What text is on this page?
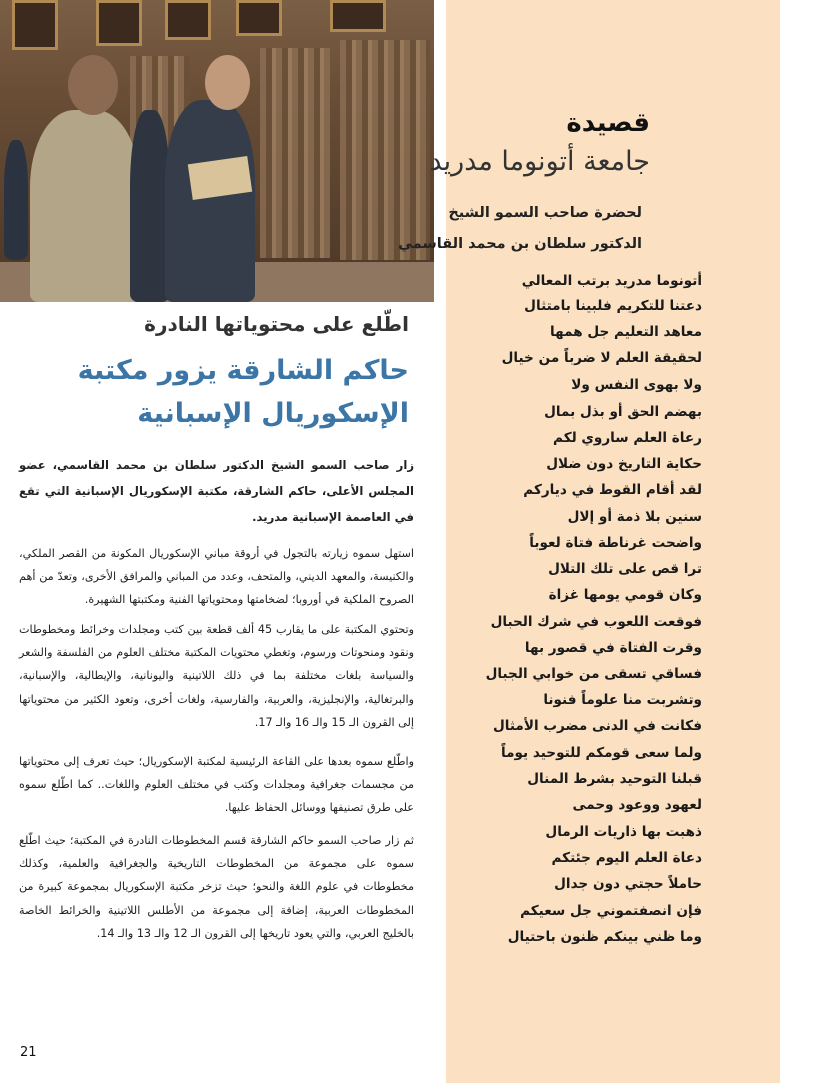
قصيدة
جامعة أتونوما مدريد
لحضرة صاحب السمو الشيخ
الدكتور سلطان بن محمد القاسمي
أتونوما مدريد برتب المعالي
دعتنا للتكريم فلبينا بامتثال
معاهد التعليم جل همها
لحقيقة العلم لا ضرباً من خيال
ولا بهوى النفس ولا
بهضم الحق أو بذل بمال
رعاة العلم ساروي لكم
حكاية التاريخ دون ضلال
لقد أقام القوط في دياركم
سنين بلا ذمة أو إلال
واضحت غرناطة فتاة لعوباً
ترا قص على تلك التلال
وكان قومي يومها غزاة
فوقعت اللعوب في شرك الحبال
وقرت الفتاة في قصور بها
فساقي تسقى من خوابي الجبال
وتشربت منا علوماً فنونا
فكانت في الدنى مضرب الأمثال
ولما سعى قومكم للتوحيد يوماً
قبلنا التوحيد بشرط المنال
لعهود ووعود وحمى
ذهبت بها ذاريات الرمال
دعاة العلم اليوم جئتكم
حاملاً حجتي دون جدال
فإن انصفتموني جل سعيكم
وما ظني بينكم ظنون باحتيال
اطّلع على محتوياتها النادرة
حاكم الشارقة يزور مكتبة
الإسكوريال الإسبانية
زار صاحب السمو الشيخ الدكتور سلطان بن محمد القاسمي، عضو المجلس الأعلى، حاكم الشارقة، مكتبة الإسكوريال الإسبانية التي تقع في العاصمة الإسبانية مدريد.
استهل سموه زيارته بالتجول في أروقة مباني الإسكوريال المكونة من القصر الملكي، والكنيسة، والمعهد الديني، والمتحف، وعدد من المباني والمرافق الأخرى، وتعدّ من أهم الصروح الملكية في أوروبا؛ لضخامتها ومحتوياتها الفنية ومكتبتها الشهيرة.
وتحتوي المكتبة على ما يقارب 45 ألف قطعة بين كتب ومجلدات وخرائط ومخطوطات ونقود ومنحوتات ورسوم، وتغطي محتويات المكتبة مختلف العلوم من الفلسفة والشعر والسياسة بلغات مختلفة بما في ذلك اللاتينية واليونانية، والإيطالية، والإسبانية، والبرتغالية، والإنجليزية، والعربية، والفارسية، ولغات أخرى، وتعود الكثير من محتوياتها إلى القرون الـ 15 والـ 16 والـ 17.
واطّلع سموه بعدها على القاعة الرئيسية لمكتبة الإسكوريال؛ حيث تعرف إلى محتوياتها من مجسمات جغرافية ومجلدات وكتب في مختلف العلوم واللغات.. كما اطّلع سموه على طرق تصنيفها ووسائل الحفاظ عليها.
ثم زار صاحب السمو حاكم الشارقة قسم المخطوطات النادرة في المكتبة؛ حيث اطّلع سموه على مجموعة من المخطوطات التاريخية والجغرافية والعلمية، وكذلك مخطوطات في علوم اللغة والنحو؛ حيث تزخر مكتبة الإسكوريال بمجموعة كبيرة من المخطوطات العربية، إضافة إلى مجموعة من الأطلس اللاتينية والخرائط الخاصة بالخليج العربي، والتي يعود تاريخها إلى القرون الـ 12 والـ 13 والـ 14.
21
